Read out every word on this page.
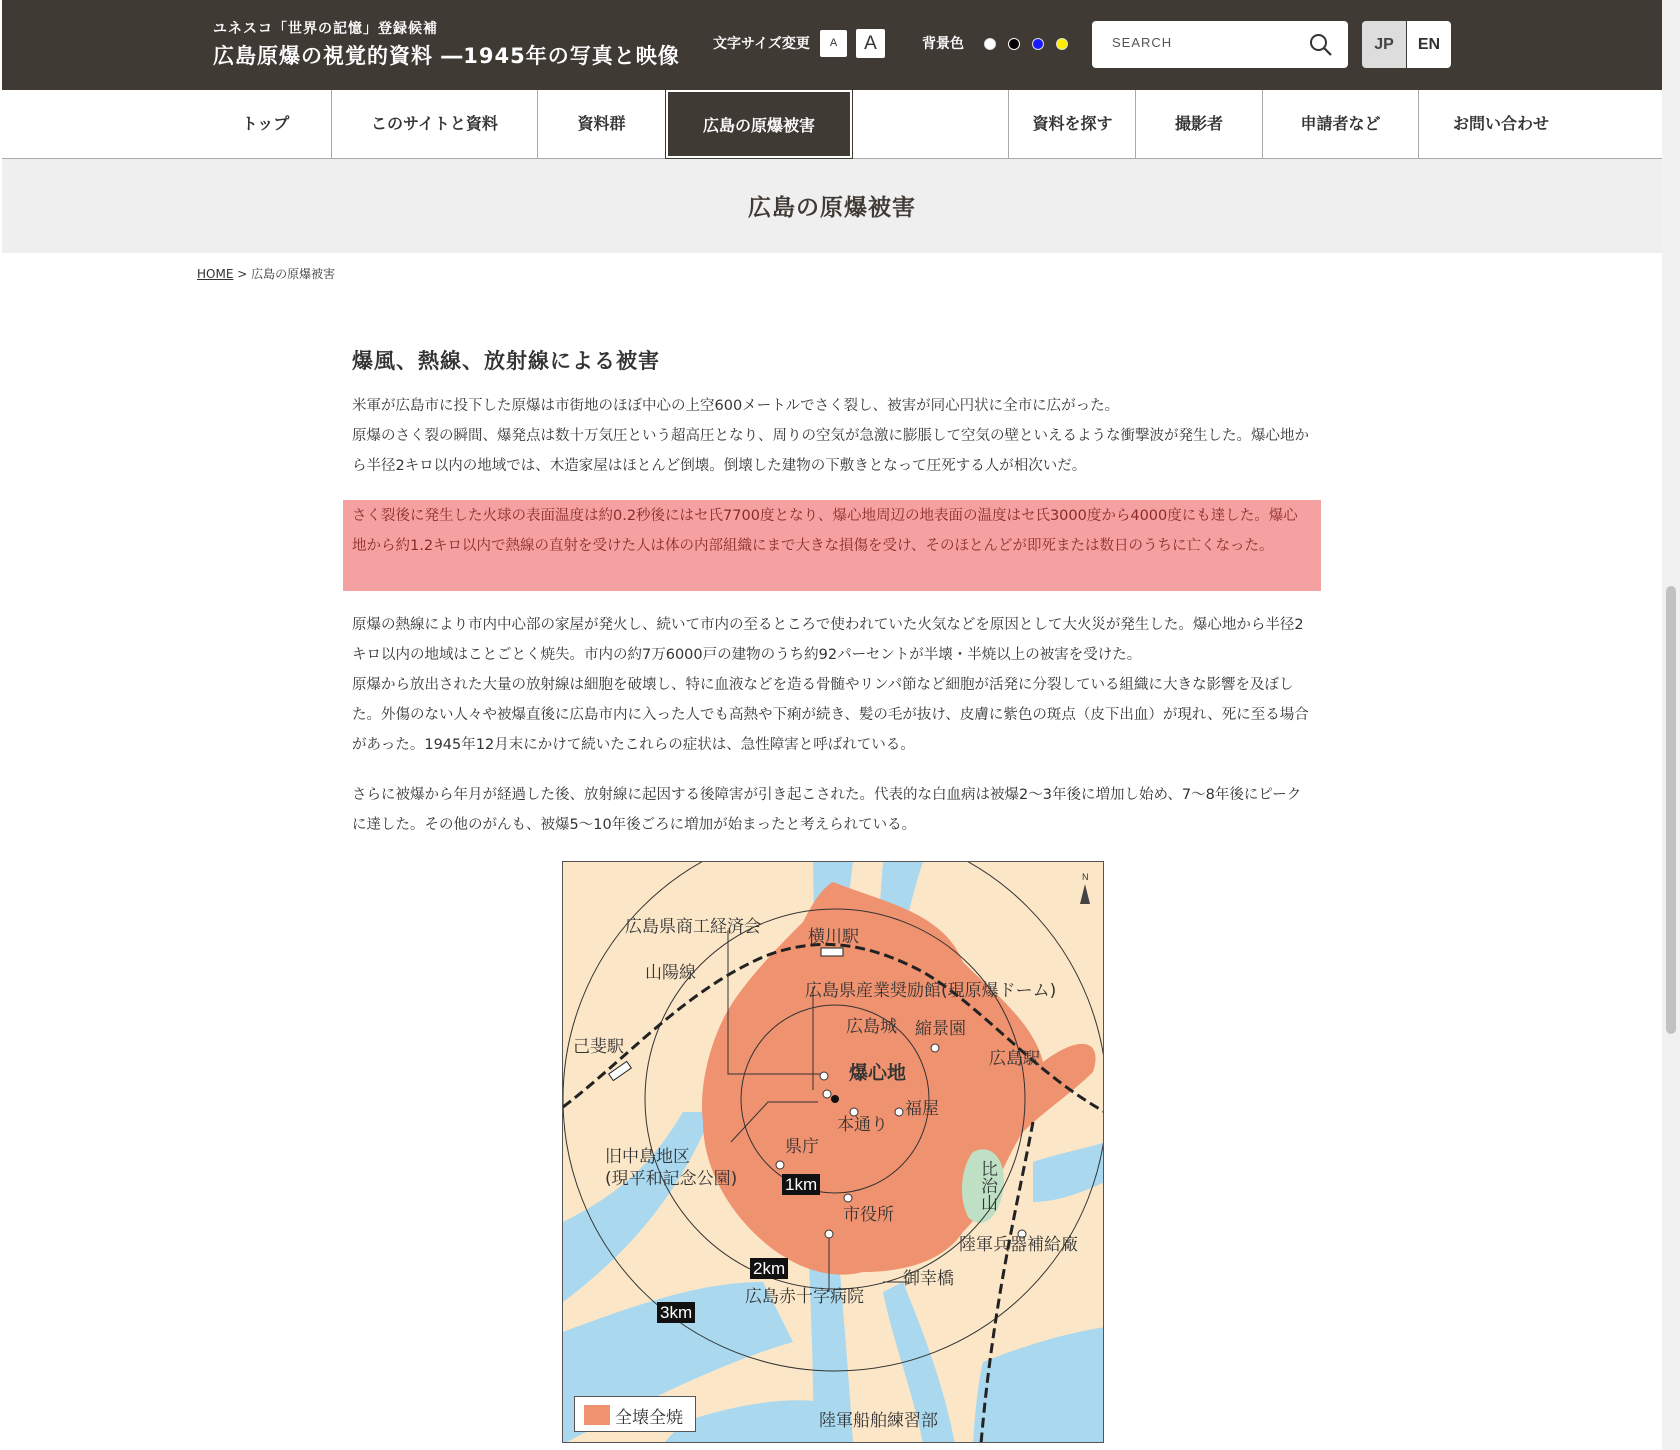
ユネスコ「世界の記憶」登録候補
広島原爆の視覚的資料 ―1945年の写真と映像 文字サイズ変更	A	A	背景色
SEARCH	JP	EN
トップ	このサイトと資料	資料群	広島の原爆被害	資料を探す	撮影者	申請者など	お問い合わせ
広島の原爆被害
HOME > 広島の原爆被害
爆風、熱線、放射線による被害

米軍が広島市に投下した原爆は市街地のほぼ中心の上空600メートルでさく裂し、被害が同心円状に全市に広がった。
原爆のさく裂の瞬間、爆発点は数十万気圧という超高圧となり、周りの空気が急激に膨脹して空気の壁といえるような衝撃波が発生した。爆心地から半径2キロ以内の地域では、木造家屋はほとんど倒壊。倒壊した建物の下敷きとなって圧死する人が相次いだ。

原爆の熱線により市内中心部の家屋が発火し、続いて市内の至るところで使われていた火気などを原因として大火災が発生した。爆心地から半径2キロ以内の地域はことごとく焼失。市内の約7万6000戸の建物のうち約92パーセントが半壊・半焼以上の被害を受けた。
原爆から放出された大量の放射線は細胞を破壊し、特に血液などを造る骨髄やリンパ節など細胞が活発に分裂している組織に大きな影響を及ぼした。外傷のない人々や被爆直後に広島市内に入った人でも高熱や下痢が続き、髪の毛が抜け、皮膚に紫色の斑点（皮下出血）が現れ、死に至る場合があった。1945年12月末にかけて続いたこれらの症状は、急性障害と呼ばれている。

さらに被爆から年月が経過した後、放射線に起因する後障害が引き起こされた。代表的な白血病は被爆2〜3年後に増加し始め、7〜8年後にピークに達した。その他のがんも、被爆5〜10年後ごろに増加が始まったと考えられている。

さく裂後に発生した火球の表面温度は約0.2秒後にはセ氏7700度となり、爆心地周辺の地表面の温度はセ氏3000度から4000度にも達した。爆心地から約1.2キロ以内で熱線の直射を受けた人は体の内部組織にまで大きな損傷を受け、そのほとんどが即死または数日のうちに亡くなった。

N
広島県商工経済会	横川駅
山陽線
広島県産業奨励館(現原爆ドーム)
広島城 縮景園
己斐駅
広島駅
爆心地
福屋
本通り
県庁
旧中島地区
(現平和記念公園)	比治山
市役所
陸軍兵器補給廠
御幸橋
広島赤十字病院
陸軍船舶練習部
1km
2km
3km
全壊全焼
